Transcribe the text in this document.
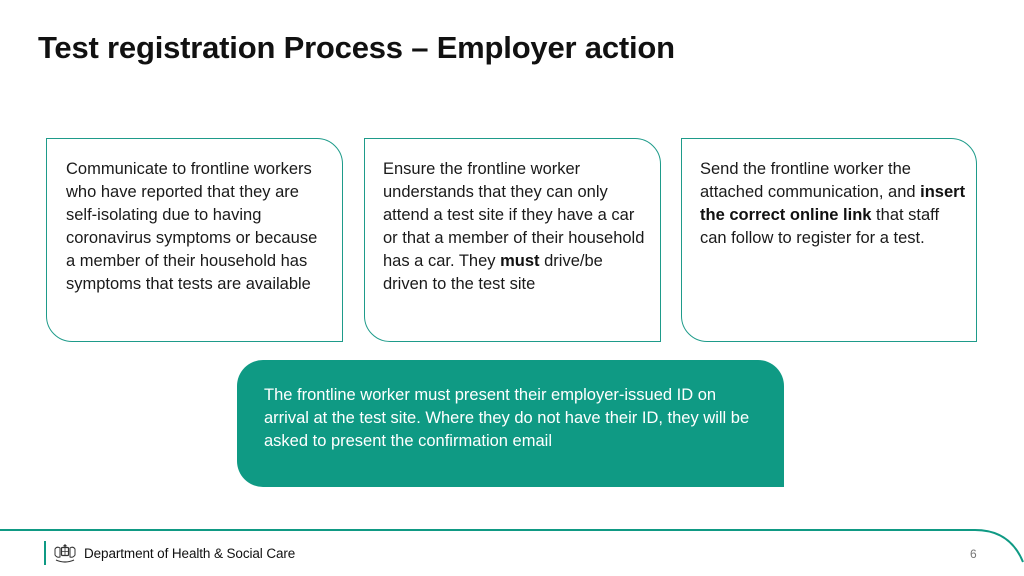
Test registration Process – Employer action

Communicate to frontline workers who have reported that they are self-isolating due to having coronavirus symptoms or because a member of their household has symptoms that tests are available

Ensure the frontline worker understands that they can only attend a test site if they have a car or that a member of their household has a car. They must drive/be driven to the test site

Send the frontline worker the attached communication, and insert the correct online link that staff can follow to register for a test.

The frontline worker must present their employer-issued ID on arrival at the test site. Where they do not have their ID, they will be asked to present the confirmation email

Department of Health & Social Care	6
